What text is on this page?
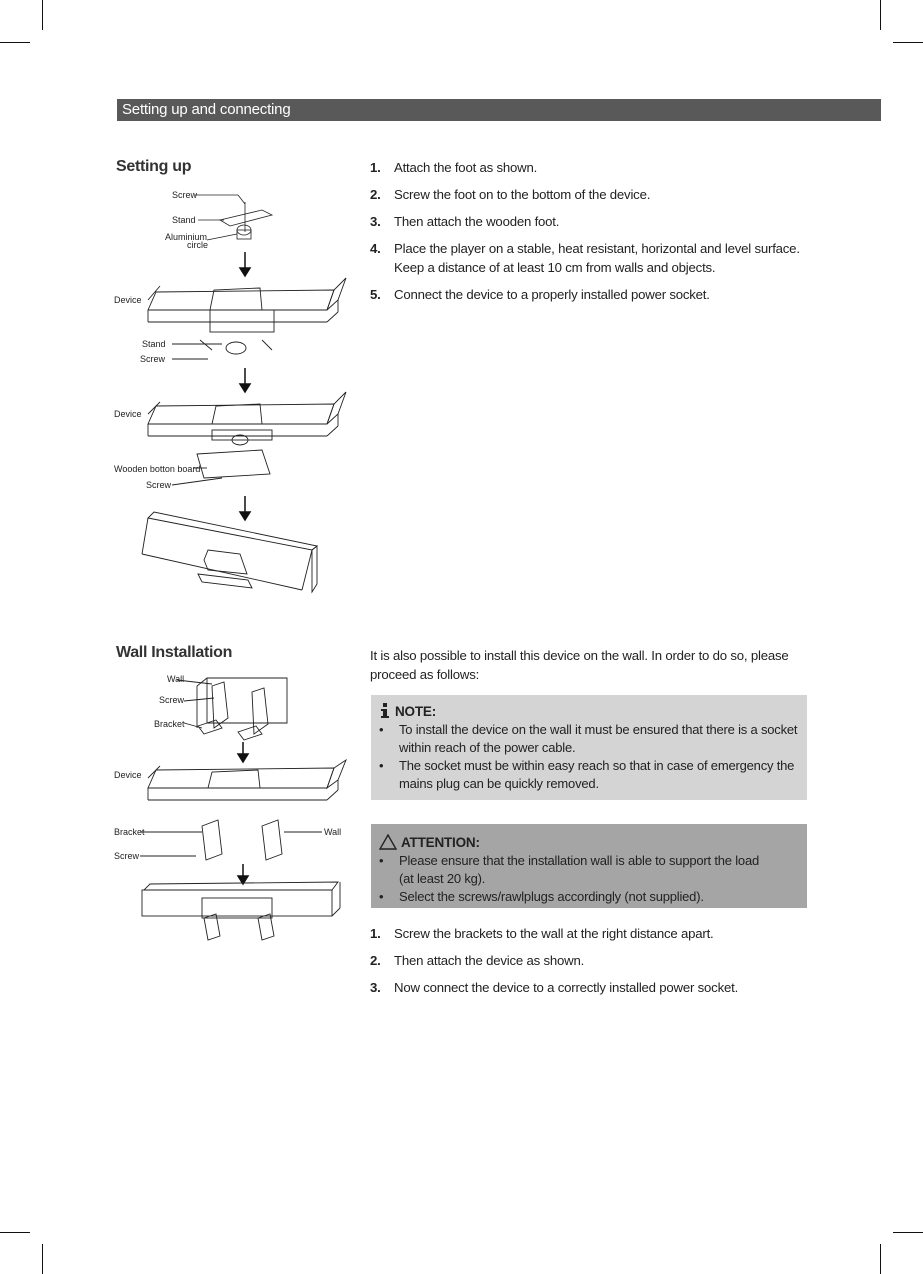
Setting up and connecting
Setting up
Screw
Stand
Aluminium
circle
Device
Stand
Screw
Device
Wooden botton board
Screw
1. Attach the foot as shown.
2. Screw the foot on to the bottom of the device.
3. Then attach the wooden foot.
4. Place the player on a stable, heat resistant, horizontal and level surface.
Keep a distance of at least 10 cm from walls and objects.
5. Connect the device to a properly installed power socket.
Wall Installation
Wall
Screw
Bracket
Device
Bracket	Wall
Screw

It is also possible to install this device on the wall. In order to do so, please proceed as follows:

NOTE:
• To install the device on the wall it must be ensured that there is a socket
within reach of the power cable.
• The socket must be within easy reach so that in case of emergency the
mains plug can be quickly removed.
ATTENTION:
• Please ensure that the installation wall is able to support the load
(at least 20 kg).
• Select the screws/rawlplugs accordingly (not supplied).
1. Screw the brackets to the wall at the right distance apart.
2. Then attach the device as shown.
3. Now connect the device to a correctly installed power socket.
